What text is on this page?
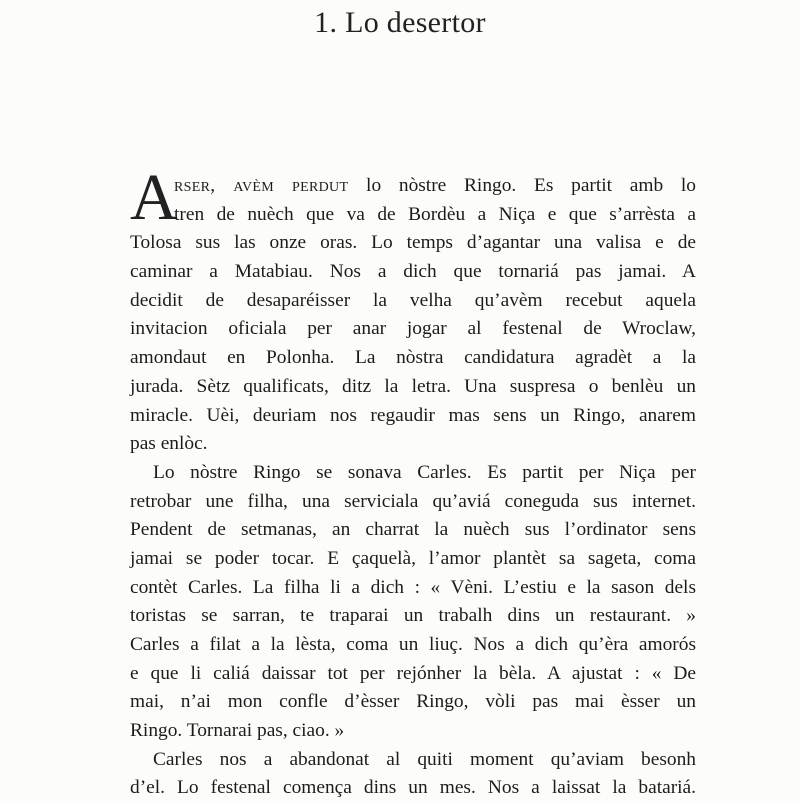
1. Lo desertor
A
rser, avèm perdut lo nòstre Ringo. Es partit amb lo
tren de nuèch que va de Bordèu a Niça e que s’arrèsta a
Tolosa sus las onze oras. Lo temps d’agantar una valisa e de
caminar a Matabiau. Nos a dich que tornariá pas jamai. A
decidit de desaparéisser la velha qu’avèm recebut aquela
invitacion oficiala per anar jogar al festenal de Wroclaw,
amondaut en Polonha. La nòstra candidatura agradèt a la
jurada. Sètz qualificats, ditz la letra. Una suspresa o benlèu un
miracle. Uèi, deuriam nos regaudir mas sens un Ringo, anarem
pas enlòc.
Lo nòstre Ringo se sonava Carles. Es partit per Niça per
retrobar une filha, una serviciala qu’aviá coneguda sus internet.
Pendent de setmanas, an charrat la nuèch sus l’ordinator sens
jamai se poder tocar. E çaquelà, l’amor plantèt sa sageta, coma
contèt Carles. La filha li a dich : « Vèni. L’estiu e la sason dels
toristas se sarran, te traparai un trabalh dins un restaurant. »
Carles a filat a la lèsta, coma un liuç. Nos a dich qu’èra amorós
e que li caliá daissar tot per rejónher la bèla. A ajustat : « De
mai, n’ai mon confle d’èsser Ringo, vòli pas mai èsser un
Ringo. Tornarai pas, ciao. »
Carles nos a abandonat al quiti moment qu’aviam besonh
d’el. Lo festenal comença dins un mes. Nos a laissat la batariá.
